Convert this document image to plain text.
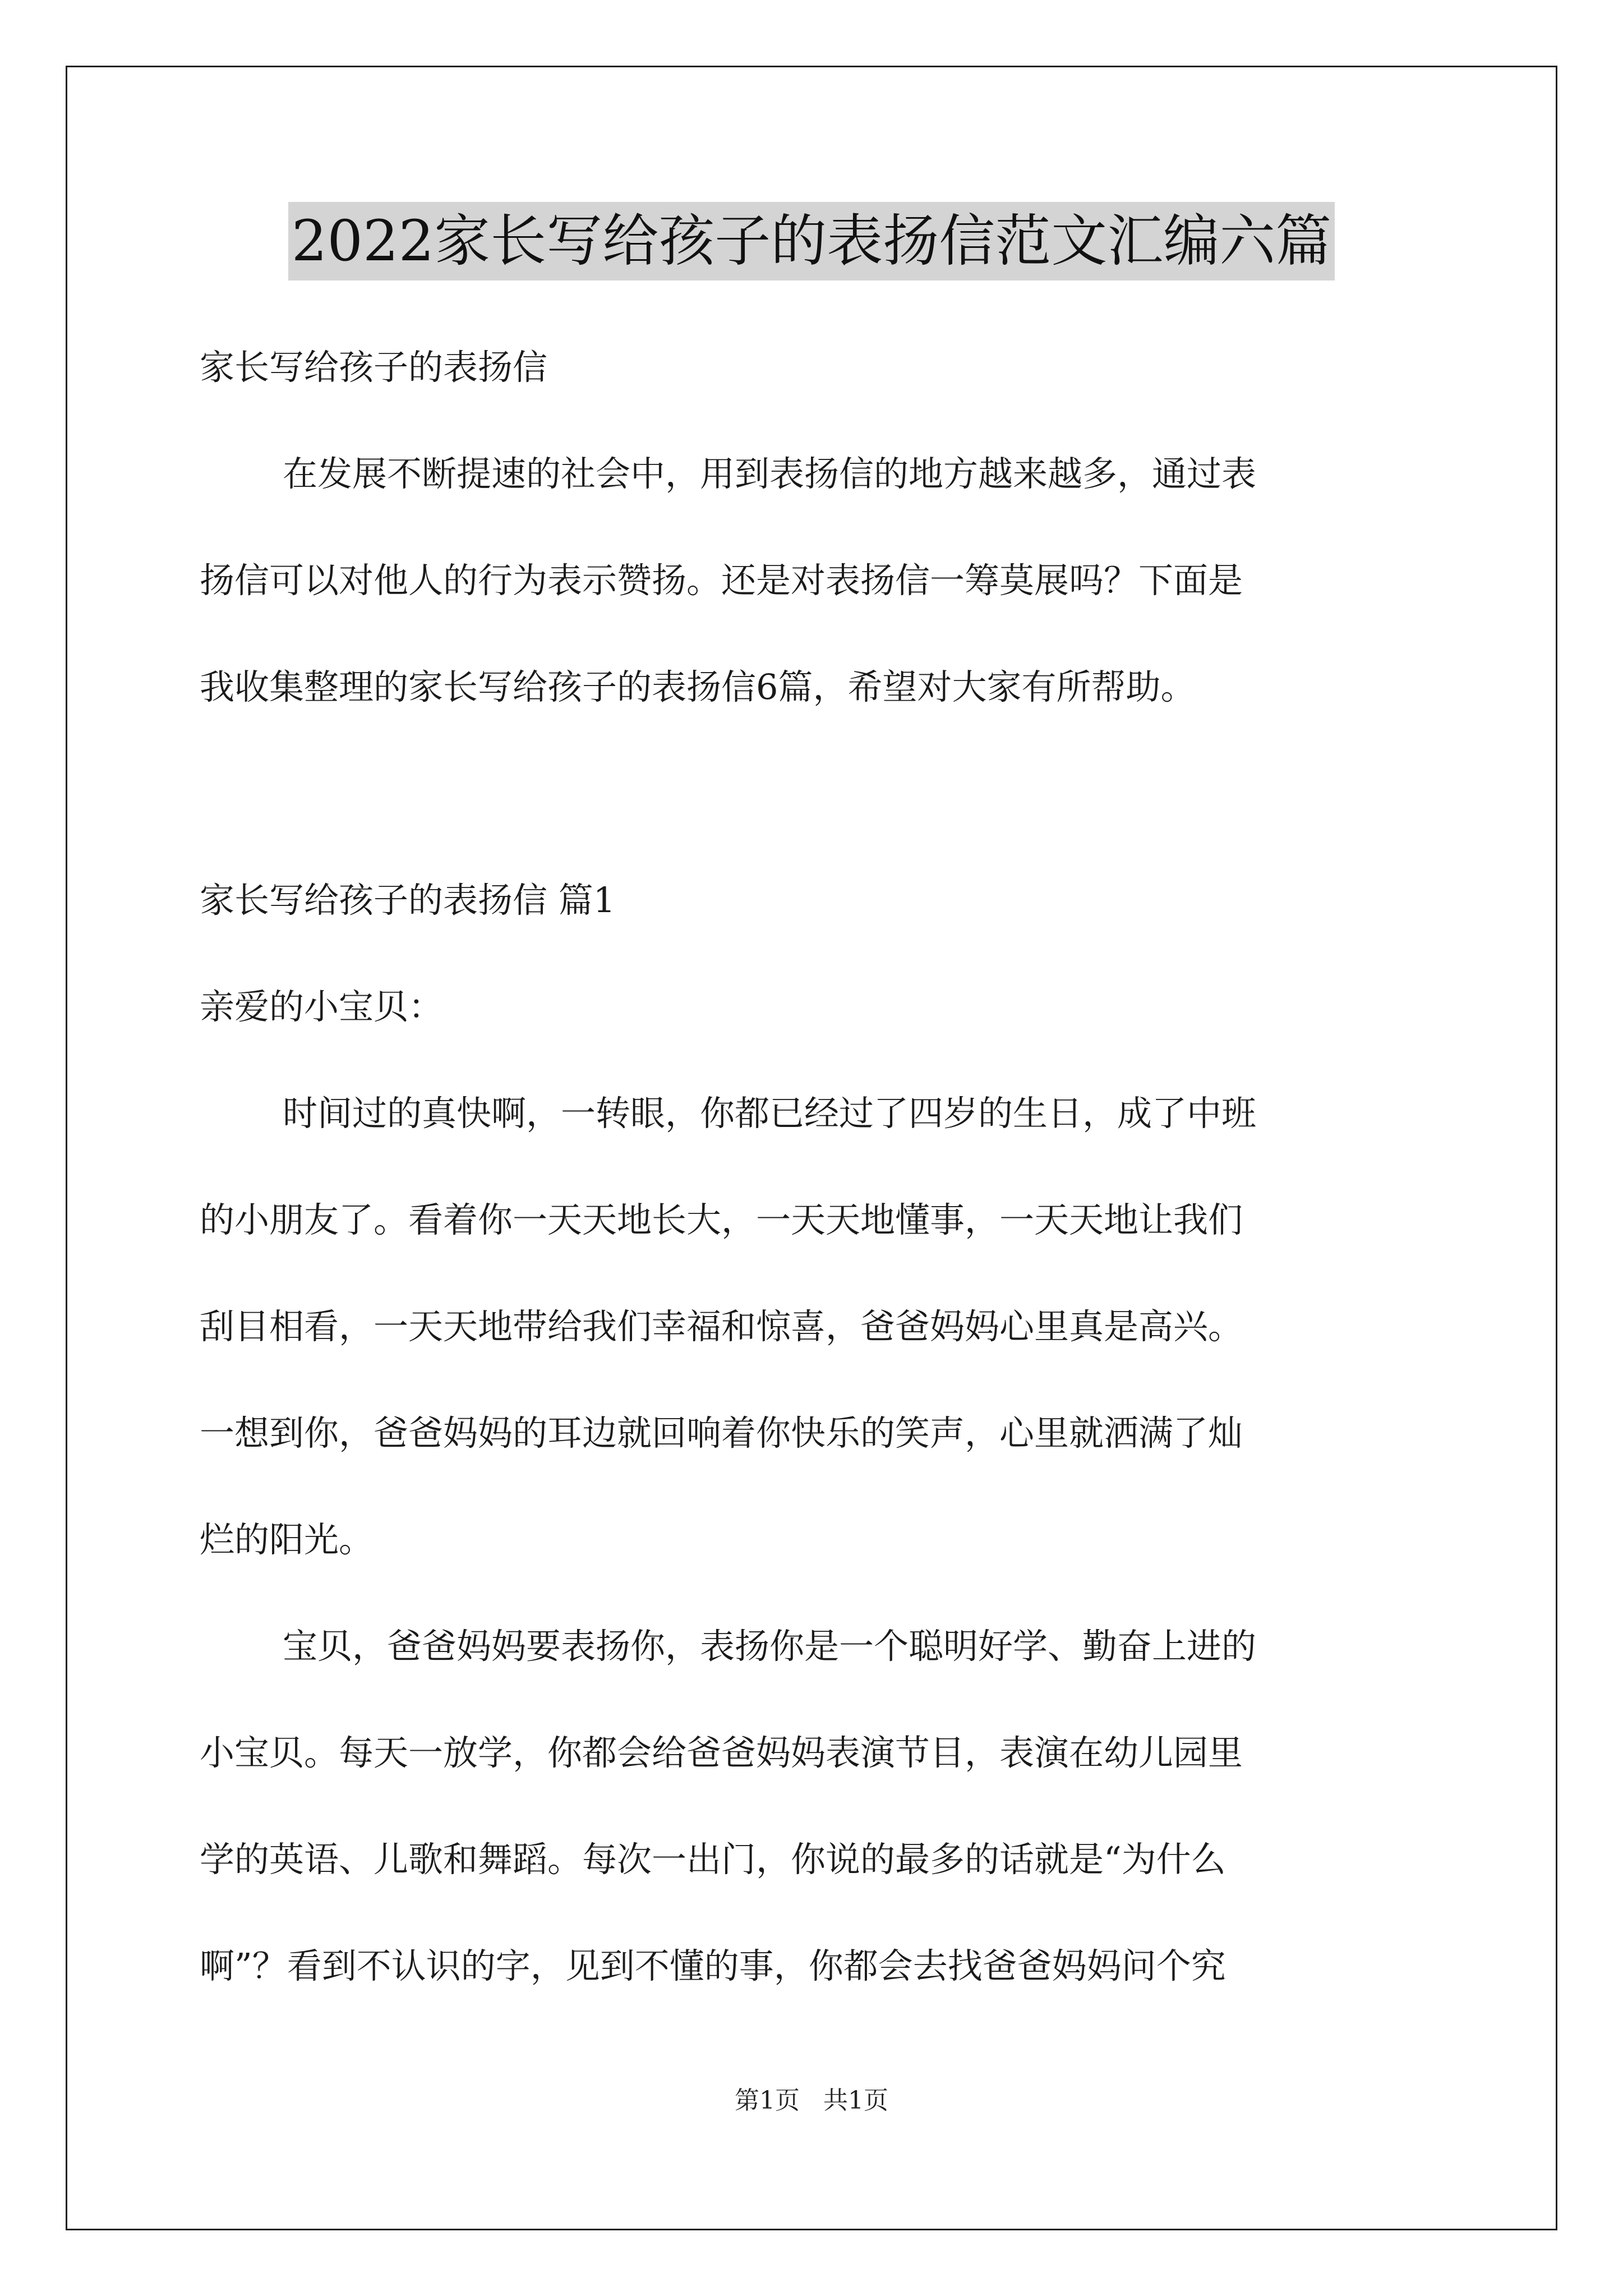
2022家长写给孩子的表扬信范文汇编六篇
家长写给孩子的表扬信
在发展不断提速的社会中，用到表扬信的地方越来越多，通过表
扬信可以对他人的行为表示赞扬。还是对表扬信一筹莫展吗？下面是
我收集整理的家长写给孩子的表扬信6篇，希望对大家有所帮助。
家长写给孩子的表扬信 篇1
亲爱的小宝贝：
时间过的真快啊，一转眼，你都已经过了四岁的生日，成了中班
的小朋友了。看着你一天天地长大，一天天地懂事，一天天地让我们
刮目相看，一天天地带给我们幸福和惊喜，爸爸妈妈心里真是高兴。
一想到你，爸爸妈妈的耳边就回响着你快乐的笑声，心里就洒满了灿
烂的阳光。
宝贝，爸爸妈妈要表扬你，表扬你是一个聪明好学、勤奋上进的
小宝贝。每天一放学，你都会给爸爸妈妈表演节目，表演在幼儿园里
学的英语、儿歌和舞蹈。每次一出门，你说的最多的话就是“为什么
啊”？看到不认识的字，见到不懂的事，你都会去找爸爸妈妈问个究
第1页   共1页
